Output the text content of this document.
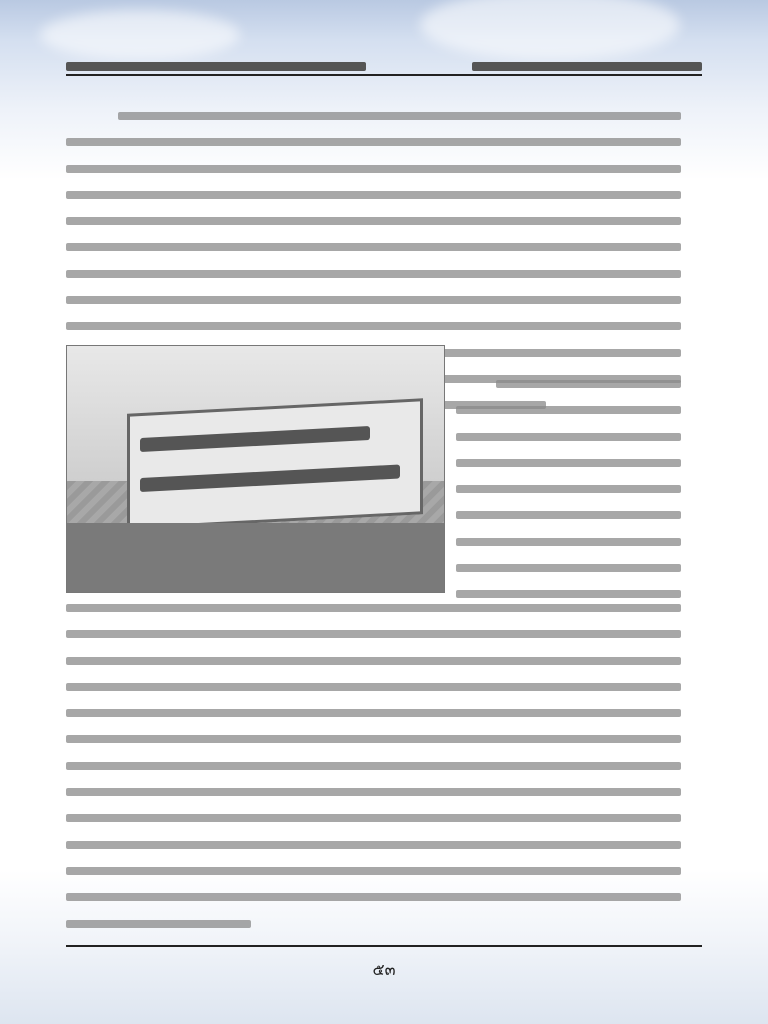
๕๓
